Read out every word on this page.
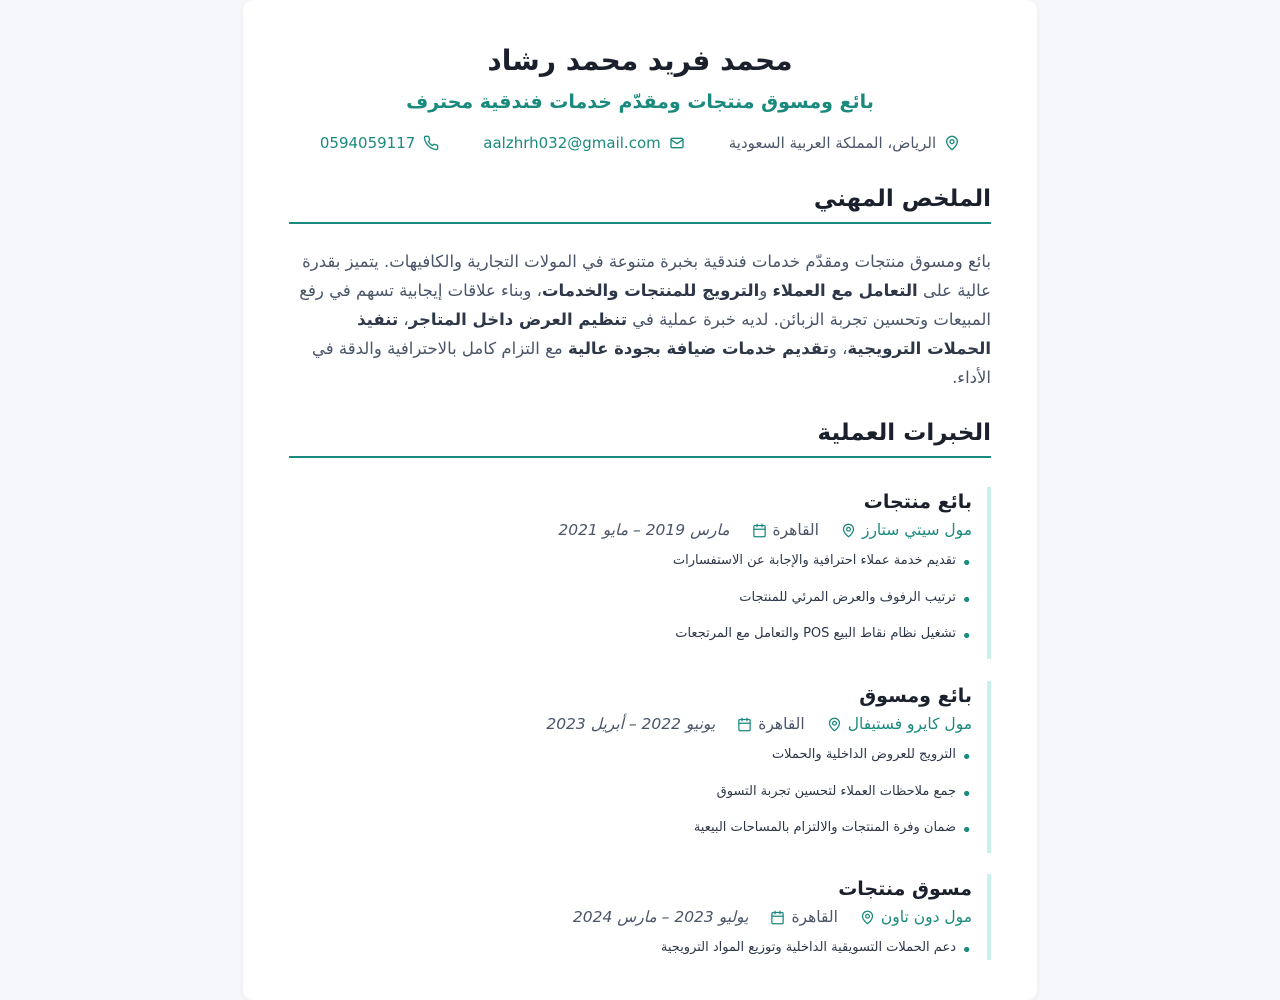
محمد فريد محمد رشاد

بائع ومسوق منتجات ومقدّم خدمات فندقية محترف

الرياض، المملكة العربية السعودية
aalzhrh032@gmail.com
0594059117
الملخص المهني

بائع ومسوق منتجات ومقدّم خدمات فندقية بخبرة متنوعة في المولات التجارية والكافيهات. يتميز بقدرة عالية على التعامل مع العملاء والترويج للمنتجات والخدمات، وبناء علاقات إيجابية تسهم في رفع المبيعات وتحسين تجربة الزبائن. لديه خبرة عملية في تنظيم العرض داخل المتاجر، تنفيذ الحملات الترويجية، وتقديم خدمات ضيافة بجودة عالية مع التزام كامل بالاحترافية والدقة في الأداء.

الخبرات العملية
بائع منتجات
مول سيتي ستارز
القاهرة
مارس 2019 – مايو 2021
•
تقديم خدمة عملاء احترافية والإجابة عن الاستفسارات
•
ترتيب الرفوف والعرض المرئي للمنتجات
•
تشغيل نظام نقاط البيع POS والتعامل مع المرتجعات
بائع ومسوق
مول كايرو فستيفال
القاهرة
يونيو 2022 – أبريل 2023
•
الترويج للعروض الداخلية والحملات
•
جمع ملاحظات العملاء لتحسين تجربة التسوق
•
ضمان وفرة المنتجات والالتزام بالمساحات البيعية
مسوق منتجات
مول دون تاون
القاهرة
يوليو 2023 – مارس 2024
•
دعم الحملات التسويقية الداخلية وتوزيع المواد الترويجية
